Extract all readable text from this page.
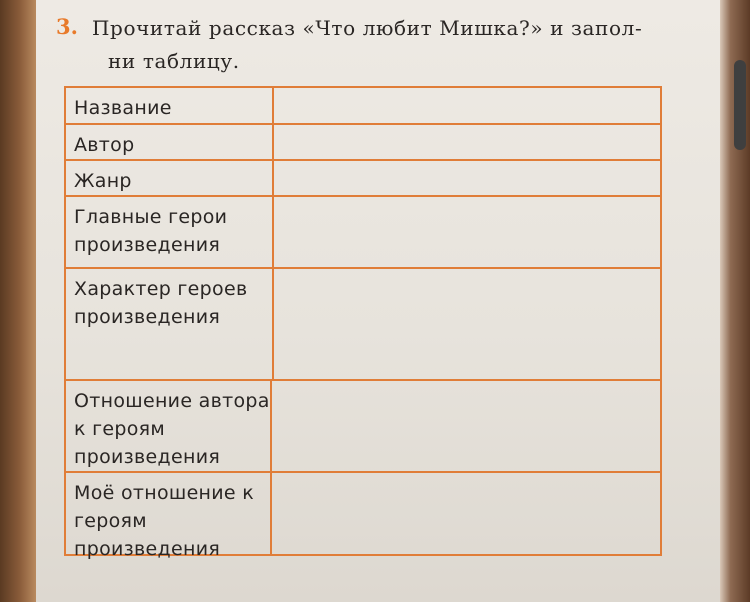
3. Прочитай рассказ «Что любит Мишка?» и запол-
ни таблицу.
Название
Автор
Жанр
Главные герои произведения
Характер героев произведения
Отношение автора к героям произведения
Моё отношение к героям произведения
